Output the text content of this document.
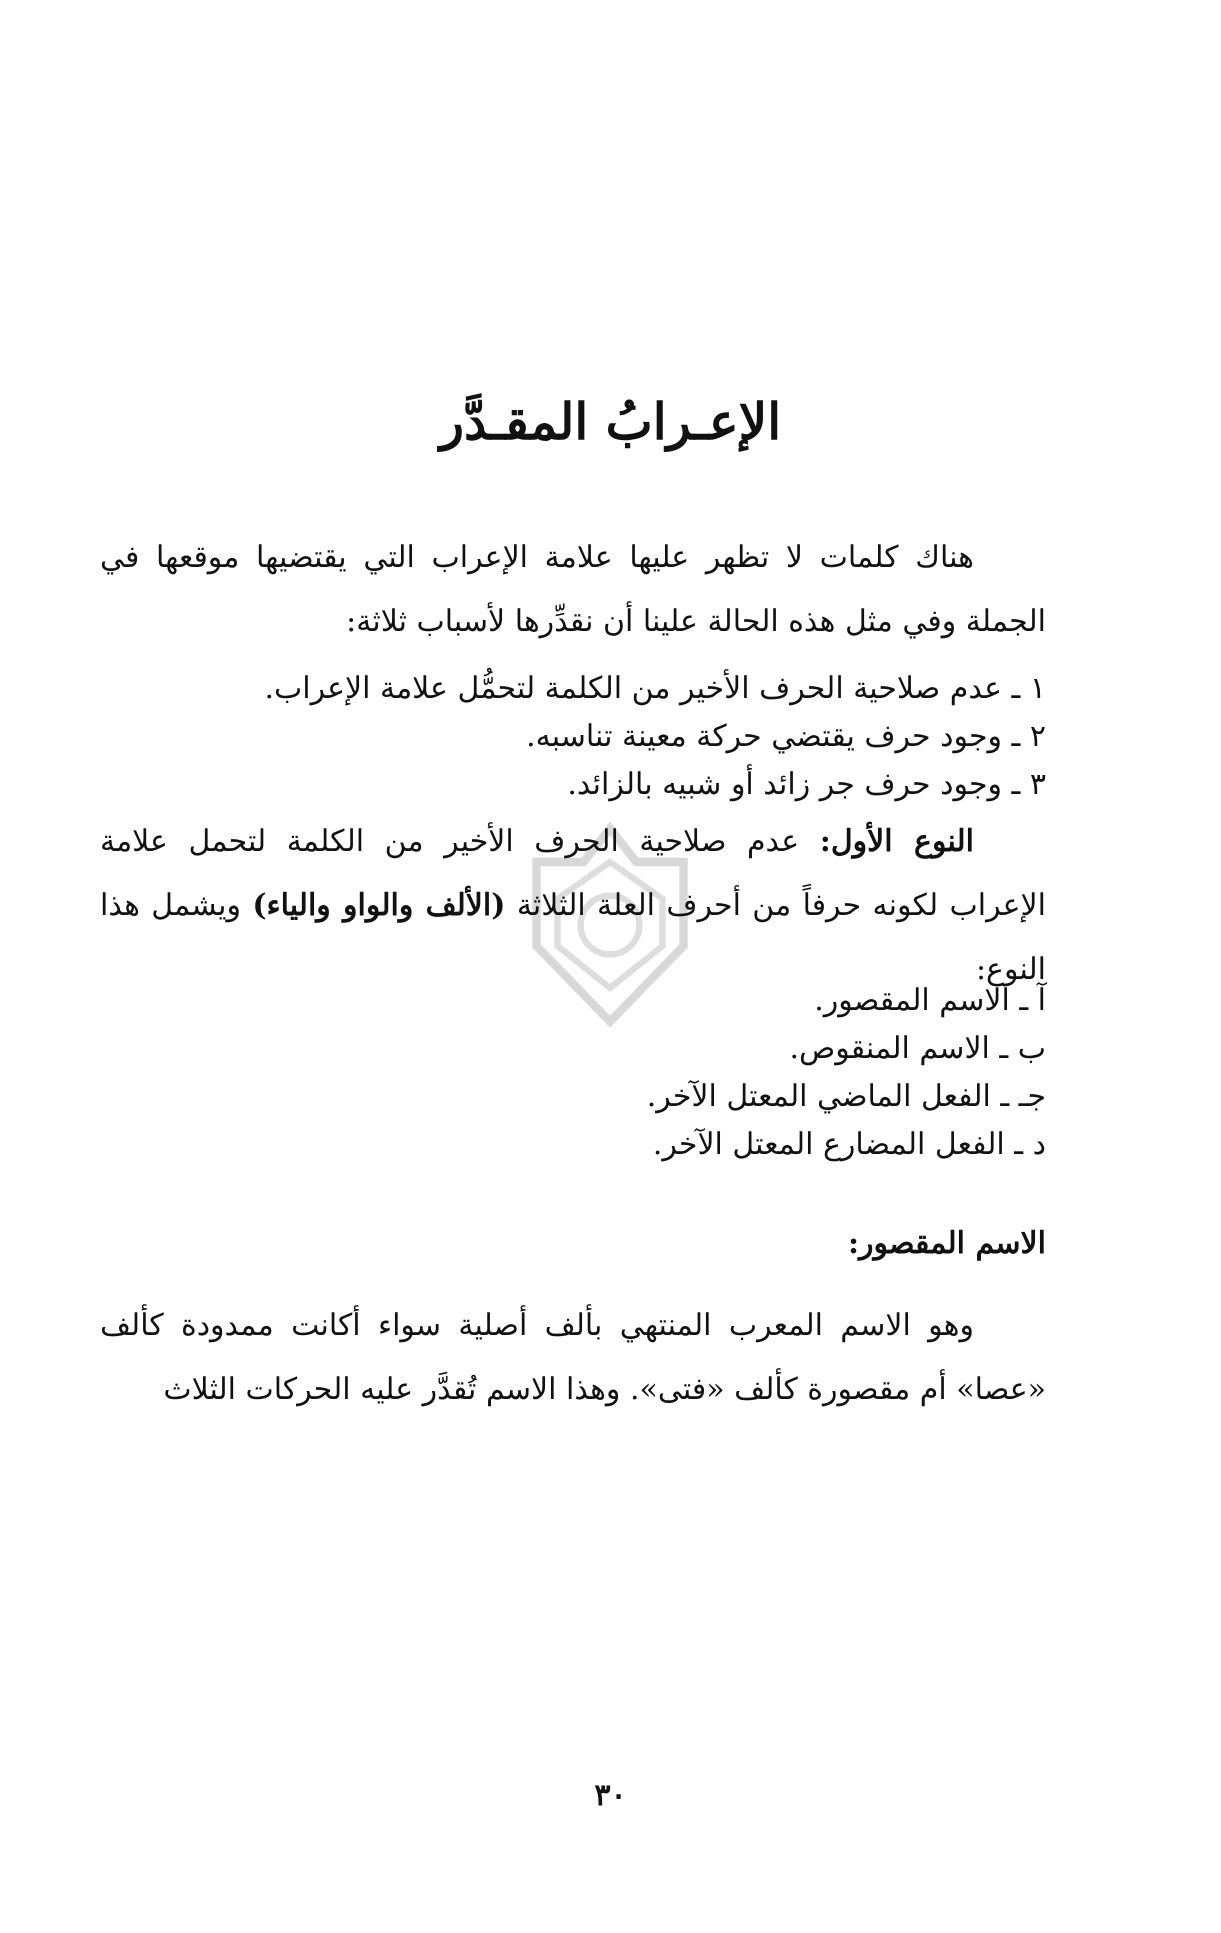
الإعـرابُ المقـدَّر

هناك كلمات لا تظهر عليها علامة الإعراب التي يقتضيها موقعها في الجملة وفي مثل هذه الحالة علينا أن نقدِّرها لأسباب ثلاثة:

١ ـ عدم صلاحية الحرف الأخير من الكلمة لتحمُّل علامة الإعراب.

٢ ـ وجود حرف يقتضي حركة معينة تناسبه.

٣ ـ وجود حرف جر زائد أو شبيه بالزائد.

النوع الأول: عدم صلاحية الحرف الأخير من الكلمة لتحمل علامة الإعراب لكونه حرفاً من أحرف العلة الثلاثة (الألف والواو والياء) ويشمل هذا النوع:

آ ـ الاسم المقصور.

ب ـ الاسم المنقوص.

جـ ـ الفعل الماضي المعتل الآخر.

د ـ الفعل المضارع المعتل الآخر.

الاسم المقصور:

وهو الاسم المعرب المنتهي بألف أصلية سواء أكانت ممدودة كألف «عصا» أم مقصورة كألف «فتى». وهذا الاسم تُقدَّر عليه الحركات الثلاث

٣٠
